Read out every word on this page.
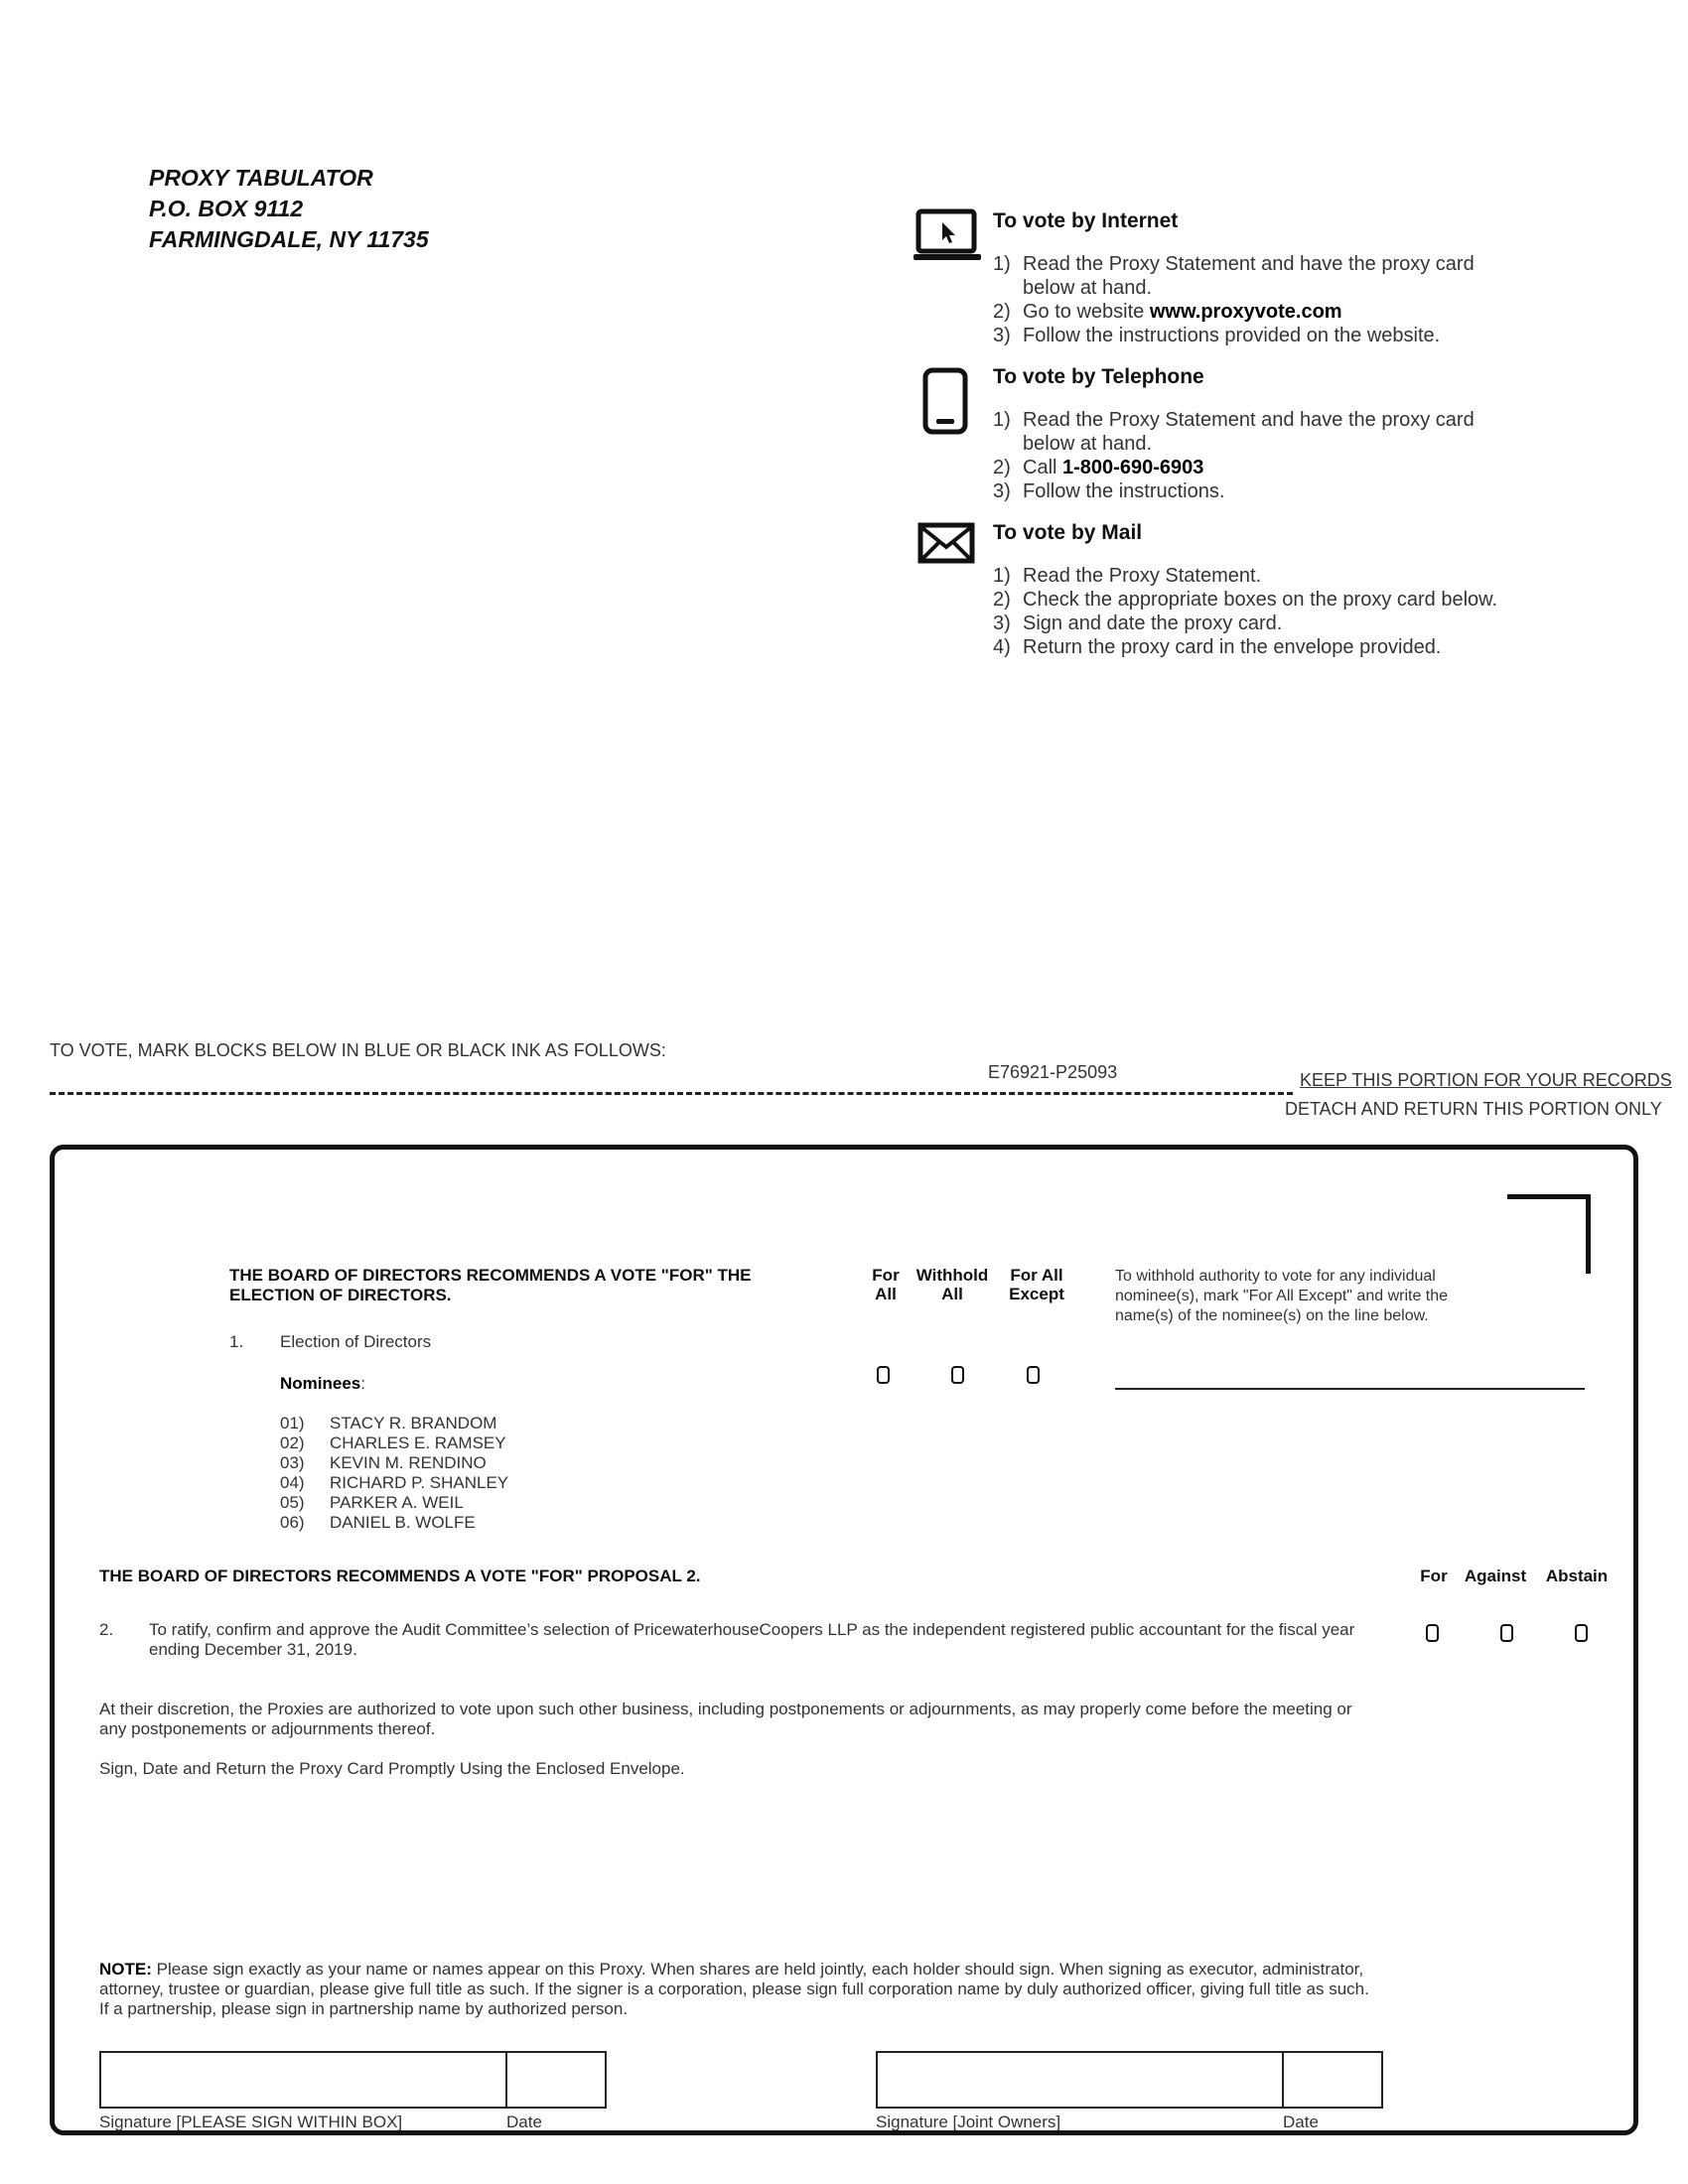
PROXY TABULATOR
P.O. BOX 9112
FARMINGDALE, NY 11735
To vote by Internet
1) Read the Proxy Statement and have the proxy card below at hand.
2) Go to website www.proxyvote.com
3) Follow the instructions provided on the website.
To vote by Telephone
1) Read the Proxy Statement and have the proxy card below at hand.
2) Call 1-800-690-6903
3) Follow the instructions.
To vote by Mail
1) Read the Proxy Statement.
2) Check the appropriate boxes on the proxy card below.
3) Sign and date the proxy card.
4) Return the proxy card in the envelope provided.
TO VOTE, MARK BLOCKS BELOW IN BLUE OR BLACK INK AS FOLLOWS:
E76921-P25093	KEEP THIS PORTION FOR YOUR RECORDS
DETACH AND RETURN THIS PORTION ONLY
THE BOARD OF DIRECTORS RECOMMENDS A VOTE "FOR" THE ELECTION OF DIRECTORS.
For
All
Withhold
All
For All
Except
To withhold authority to vote for any individual nominee(s), mark "For All Except" and write the name(s) of the nominee(s) on the line below.
1. Election of Directors
Nominees:
01)	STACY R. BRANDOM
02)	CHARLES E. RAMSEY
03)	KEVIN M. RENDINO
04)	RICHARD P. SHANLEY
05)	PARKER A. WEIL
06)	DANIEL B. WOLFE
THE BOARD OF DIRECTORS RECOMMENDS A VOTE "FOR" PROPOSAL 2.	For	Against	Abstain
2. To ratify, confirm and approve the Audit Committee’s selection of PricewaterhouseCoopers LLP as the independent registered public accountant for the fiscal year ending December 31, 2019.
At their discretion, the Proxies are authorized to vote upon such other business, including postponements or adjournments, as may properly come before the meeting or any postponements or adjournments thereof.
Sign, Date and Return the Proxy Card Promptly Using the Enclosed Envelope.
NOTE: Please sign exactly as your name or names appear on this Proxy. When shares are held jointly, each holder should sign. When signing as executor, administrator, attorney, trustee or guardian, please give full title as such. If the signer is a corporation, please sign full corporation name by duly authorized officer, giving full title as such. If a partnership, please sign in partnership name by authorized person.
Signature [PLEASE SIGN WITHIN BOX]	Date	Signature [Joint Owners]	Date
